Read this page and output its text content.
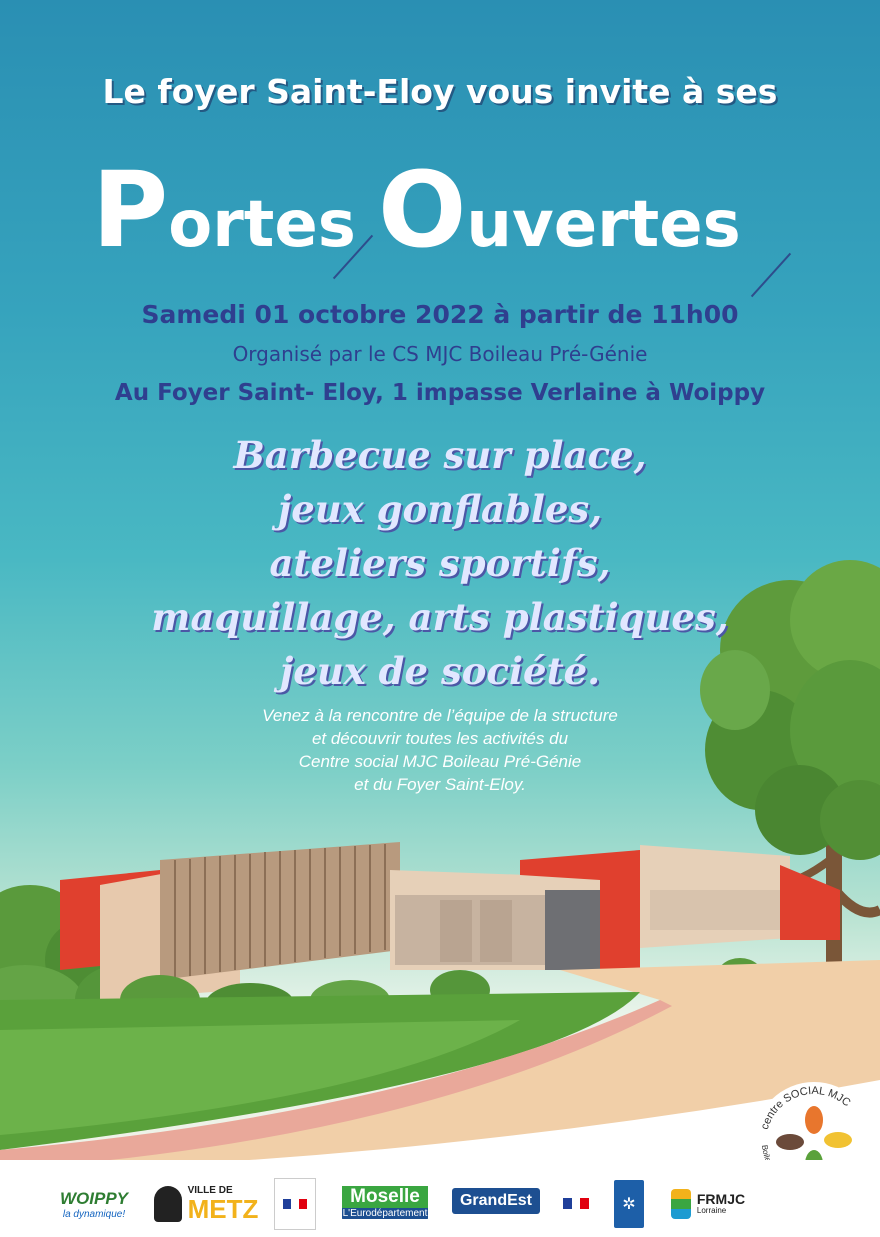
Le foyer Saint-Eloy vous invite à ses
Portes Ouvertes
Samedi 01 octobre 2022 à partir de 11h00
Organisé par le CS MJC Boileau Pré-Génie
Au Foyer Saint- Eloy, 1 impasse Verlaine à Woippy
Barbecue sur place,
jeux gonflables,
ateliers sportifs,
maquillage, arts plastiques,
jeux de société.
Venez à la rencontre de l’équipe de la structure
et découvrir toutes les activités du
Centre social MJC Boileau Pré-Génie
et du Foyer Saint-Eloy.
centre SOCIAL MJC
Boil
WOIPPY
la dynamique!
VILLE DE
METZ	Moselle
L'Eurodépartement
GrandEst	✲	FRMJC
Lorraine
